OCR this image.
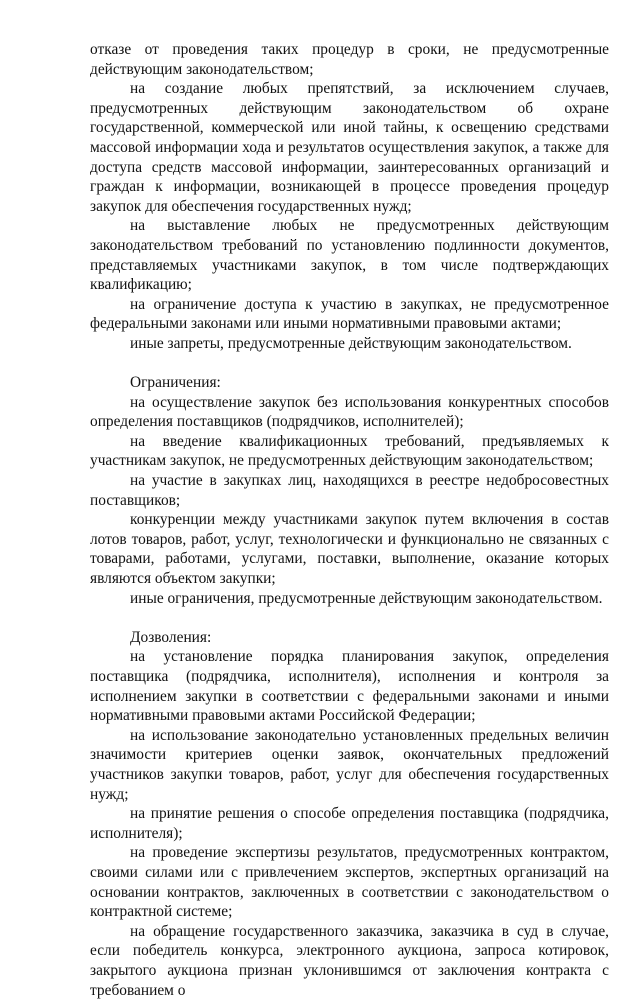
отказе от проведения таких процедур в сроки, не предусмотренные действующим законодательством;

на создание любых препятствий, за исключением случаев, предусмотренных действующим законодательством об охране государственной, коммерческой или иной тайны, к освещению средствами массовой информации хода и результатов осуществления закупок, а также для доступа средств массовой информации, заинтересованных организаций и граждан к информации, возникающей в процессе проведения процедур закупок для обеспечения государственных нужд;

на выставление любых не предусмотренных действующим законодательством требований по установлению подлинности документов, представляемых участниками закупок, в том числе подтверждающих квалификацию;

на ограничение доступа к участию в закупках, не предусмотренное федеральными законами или иными нормативными правовыми актами;

иные запреты, предусмотренные действующим законодательством.

Ограничения:

на осуществление закупок без использования конкурентных способов определения поставщиков (подрядчиков, исполнителей);

на введение квалификационных требований, предъявляемых к участникам закупок, не предусмотренных действующим законодательством;

на участие в закупках лиц, находящихся в реестре недобросовестных поставщиков;

конкуренции между участниками закупок путем включения в состав лотов товаров, работ, услуг, технологически и функционально не связанных с товарами, работами, услугами, поставки, выполнение, оказание которых являются объектом закупки;

иные ограничения, предусмотренные действующим законодательством.

Дозволения:

на установление порядка планирования закупок, определения поставщика (подрядчика, исполнителя), исполнения и контроля за исполнением закупки в соответствии с федеральными законами и иными нормативными правовыми актами Российской Федерации;

на использование законодательно установленных предельных величин значимости критериев оценки заявок, окончательных предложений участников закупки товаров, работ, услуг для обеспечения государственных нужд;

на принятие решения о способе определения поставщика (подрядчика, исполнителя);

на проведение экспертизы результатов, предусмотренных контрактом, своими силами или с привлечением экспертов, экспертных организаций на основании контрактов, заключенных в соответствии с законодательством о контрактной системе;

на обращение государственного заказчика, заказчика в суд в случае, если победитель конкурса, электронного аукциона, запроса котировок, закрытого аукциона признан уклонившимся от заключения контракта с требованием о
